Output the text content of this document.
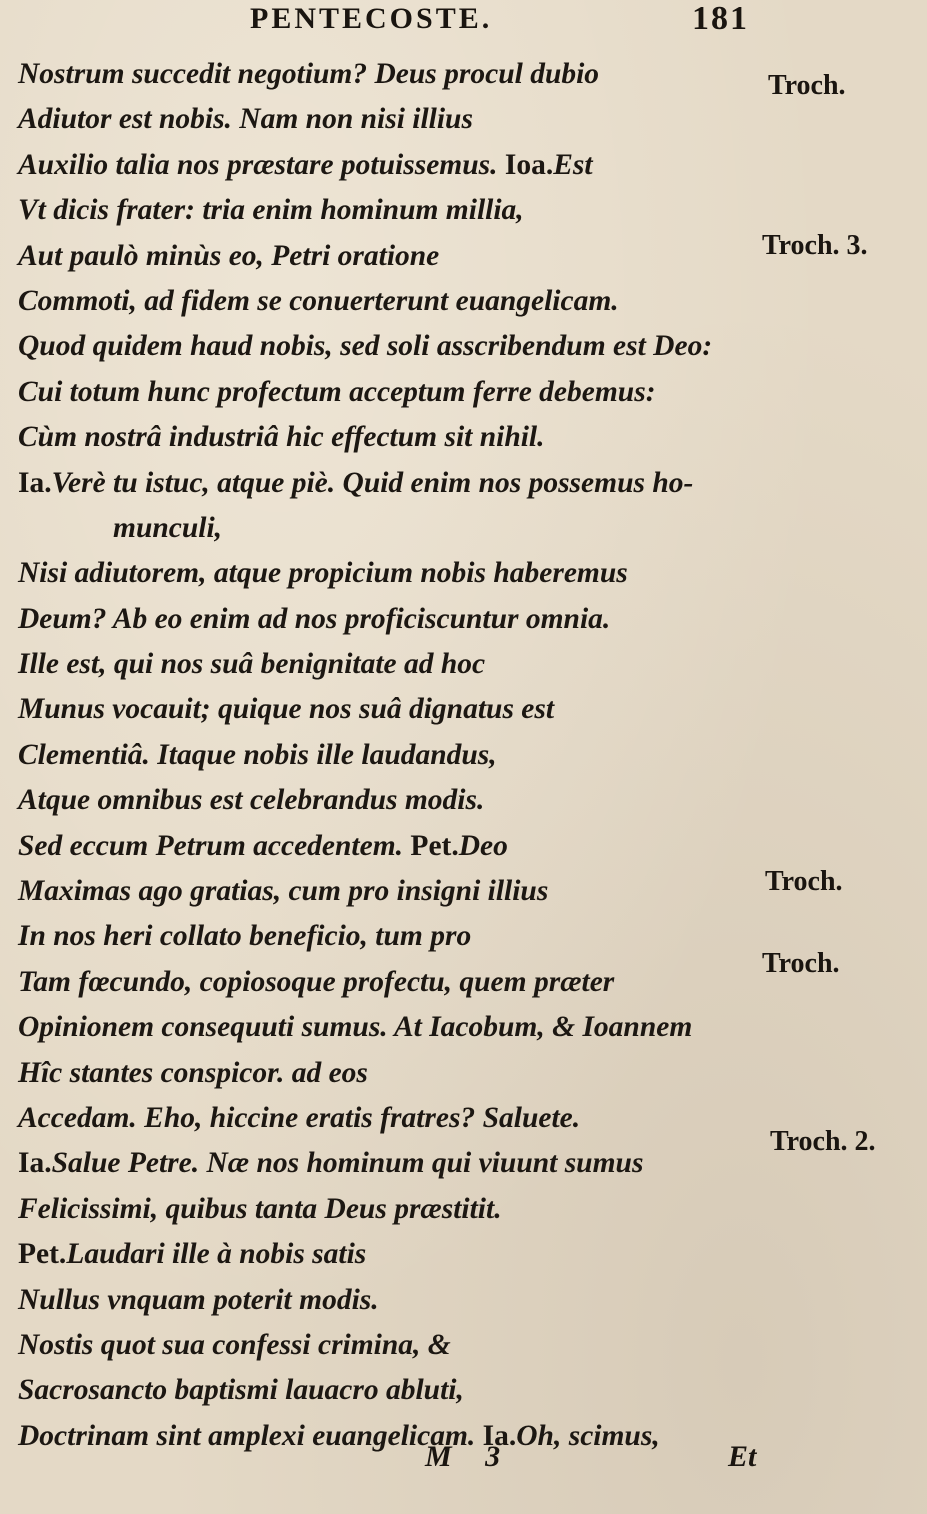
PENTECOSTE.	181
Nostrum succedit negotium? Deus procul dubio
Adiutor est nobis. Nam non nisi illius
Auxilio talia nos præstare potuissemus. Ioa.Est
Vt dicis frater: tria enim hominum millia,
Aut paulò minùs eo, Petri oratione
Commoti, ad fidem se conuerterunt euangelicam.
Quod quidem haud nobis, sed soli asscribendum est Deo:
Cui totum hunc profectum acceptum ferre debemus:
Cùm nostrâ industriâ hic effectum sit nihil.
Ia.Verè tu istuc, atque piè. Quid enim nos possemus ho-
munculi,
Nisi adiutorem, atque propicium nobis haberemus
Deum? Ab eo enim ad nos proficiscuntur omnia.
Ille est, qui nos suâ benignitate ad hoc
Munus vocauit; quique nos suâ dignatus est
Clementiâ. Itaque nobis ille laudandus,
Atque omnibus est celebrandus modis.
Sed eccum Petrum accedentem. Pet.Deo
Maximas ago gratias, cum pro insigni illius
In nos heri collato beneficio, tum pro
Tam fœcundo, copiosoque profectu, quem præter
Opinionem consequuti sumus. At Iacobum, & Ioannem
Hîc stantes conspicor. ad eos
Accedam. Eho, hiccine eratis fratres? Saluete.
Ia.Salue Petre. Næ nos hominum qui viuunt sumus
Felicissimi, quibus tanta Deus præstitit.
Pet.Laudari ille à nobis satis
Nullus vnquam poterit modis.
Nostis quot sua confessi crimina, &
Sacrosancto baptismi lauacro abluti,
Doctrinam sint amplexi euangelicam. Ia.Oh, scimus,
Troch.
Troch. 3.
Troch.
Troch.
Troch. 2.
M 3	Et
